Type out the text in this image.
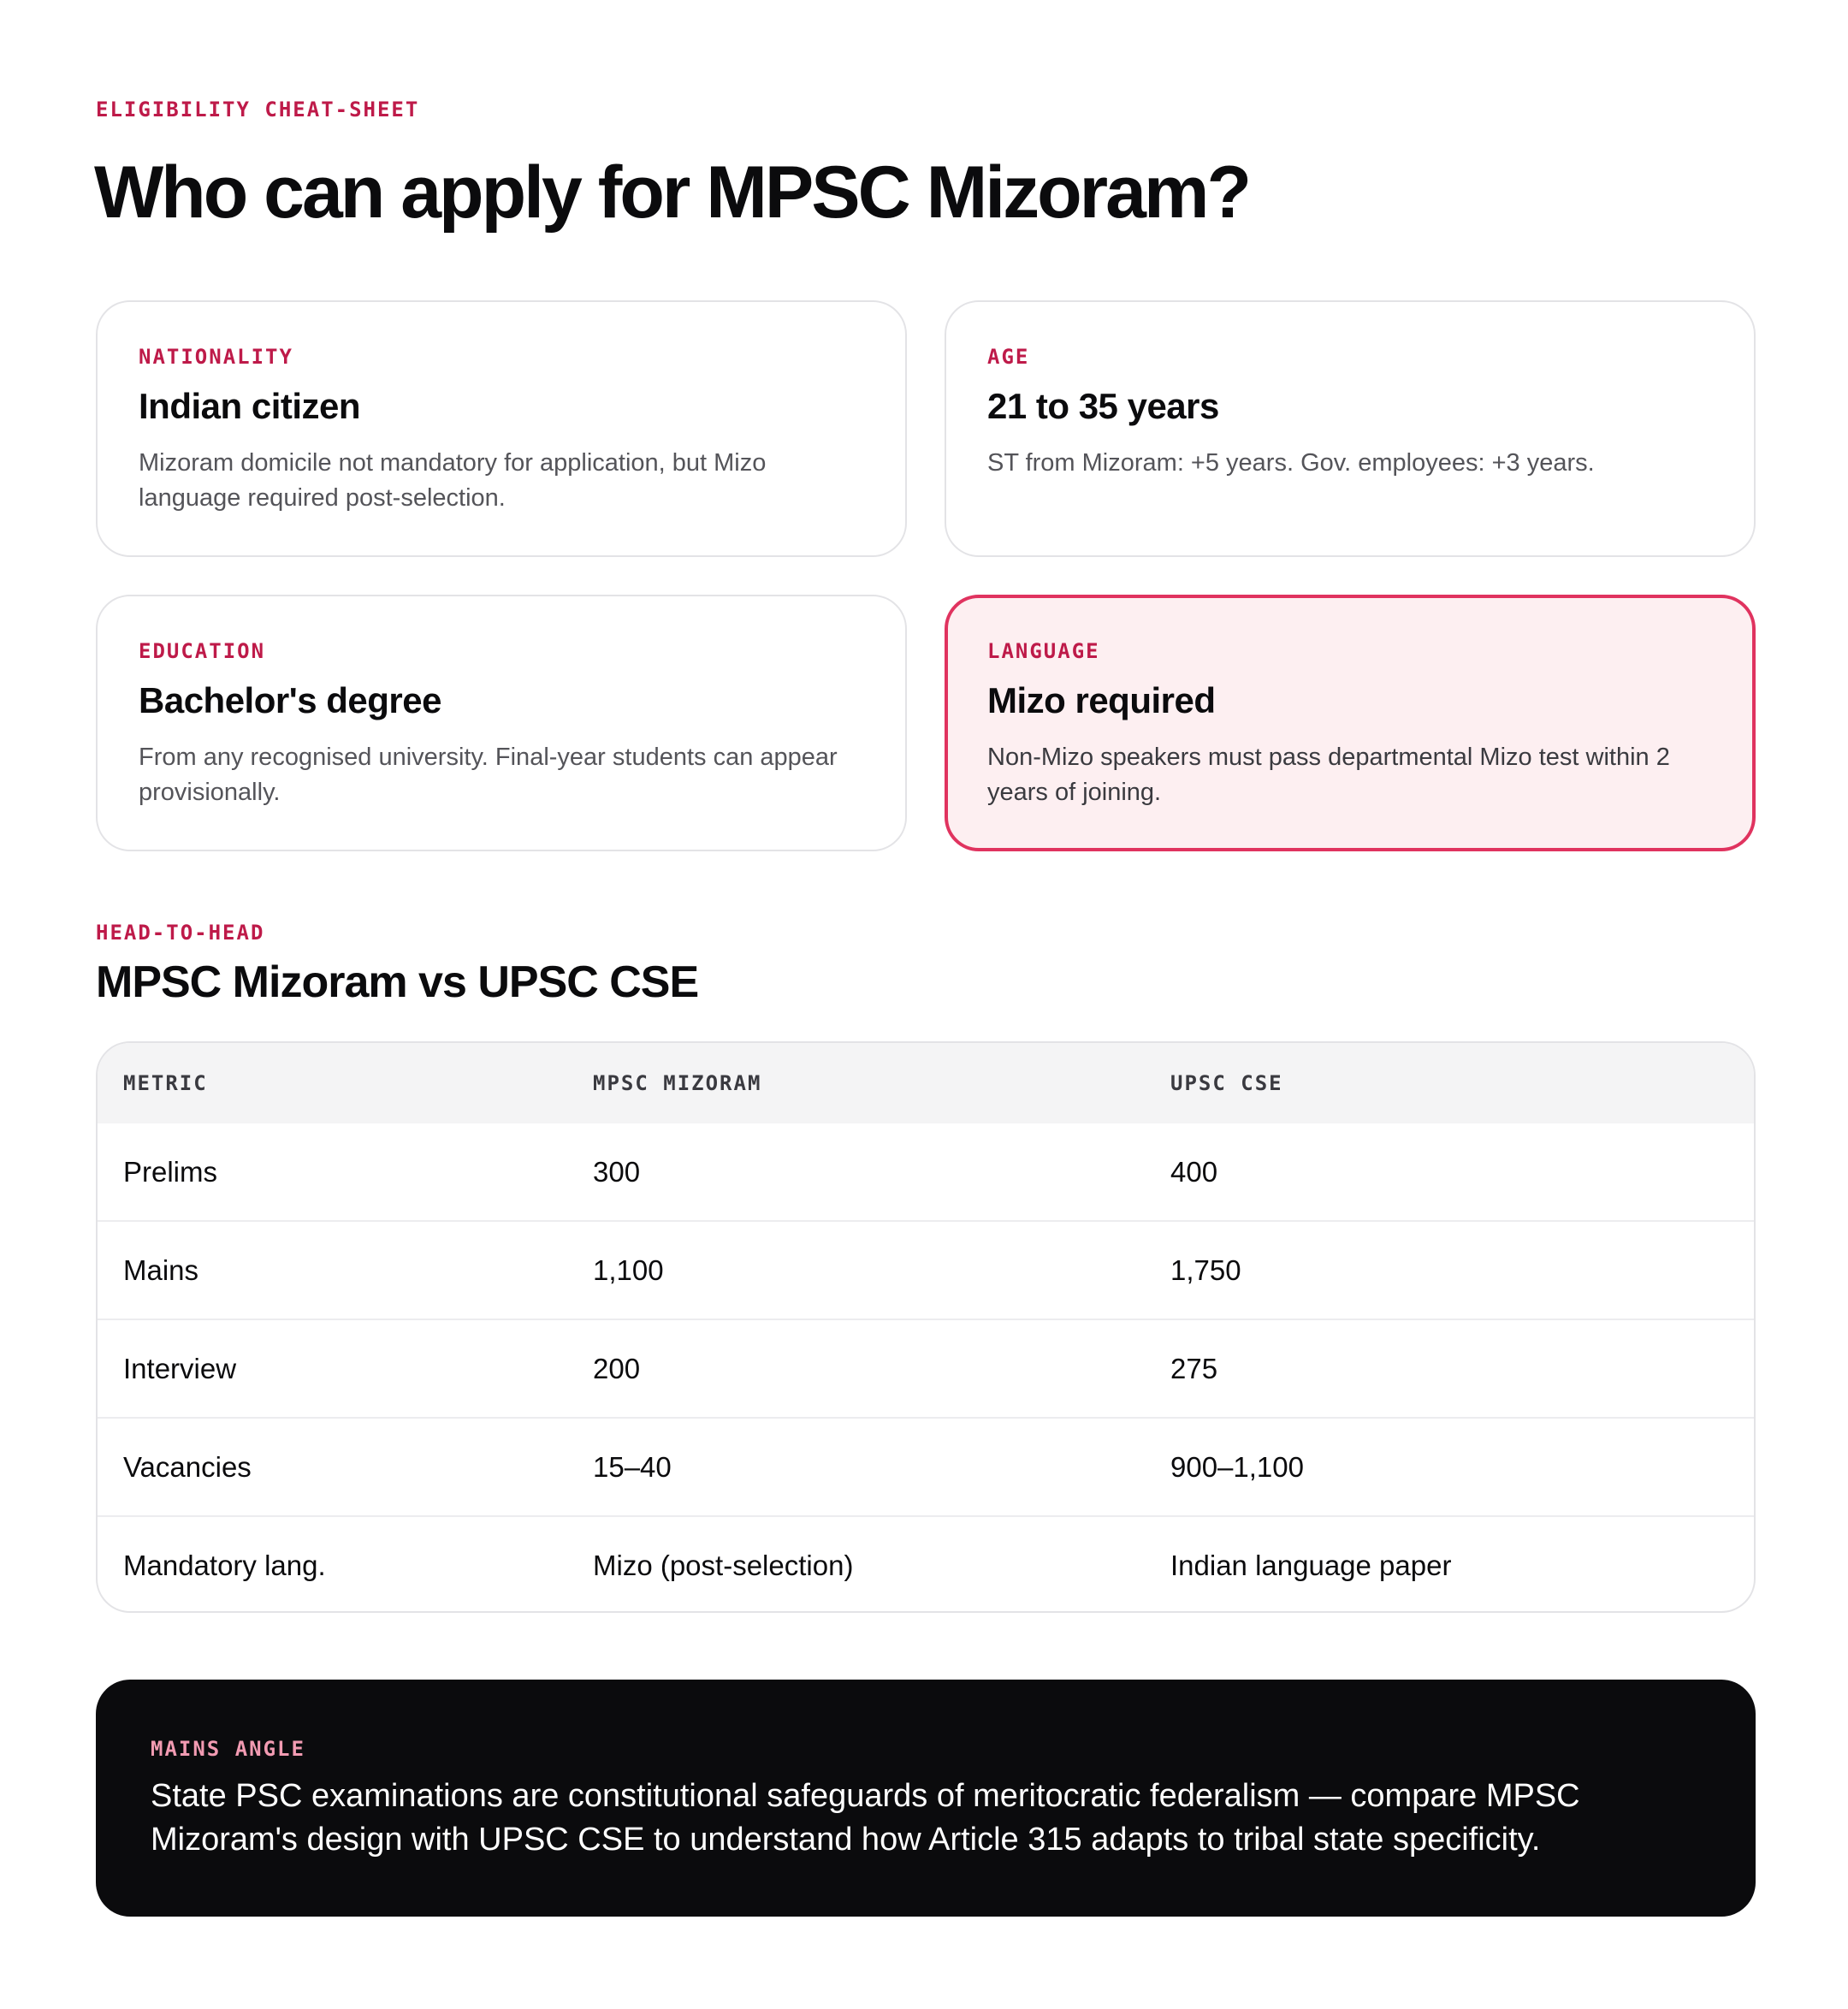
ELIGIBILITY CHEAT-SHEET
Who can apply for MPSC Mizoram?
NATIONALITY
Indian citizen

Mizoram domicile not mandatory for application, but Mizo language required post-selection.

AGE
21 to 35 years

ST from Mizoram: +5 years. Gov. employees: +3 years.

EDUCATION
Bachelor's degree

From any recognised university. Final-year students can appear provisionally.

LANGUAGE
Mizo required

Non-Mizo speakers must pass departmental Mizo test within 2 years of joining.

HEAD-TO-HEAD
MPSC Mizoram vs UPSC CSE
METRIC	MPSC MIZORAM	UPSC CSE
Prelims	300	400
Mains	1,100	1,750
Interview	200	275
Vacancies	15–40	900–1,100
Mandatory lang.	Mizo (post-selection)	Indian language paper
MAINS ANGLE

State PSC examinations are constitutional safeguards of meritocratic federalism — compare MPSC Mizoram's design with UPSC CSE to understand how Article 315 adapts to tribal state specificity.
